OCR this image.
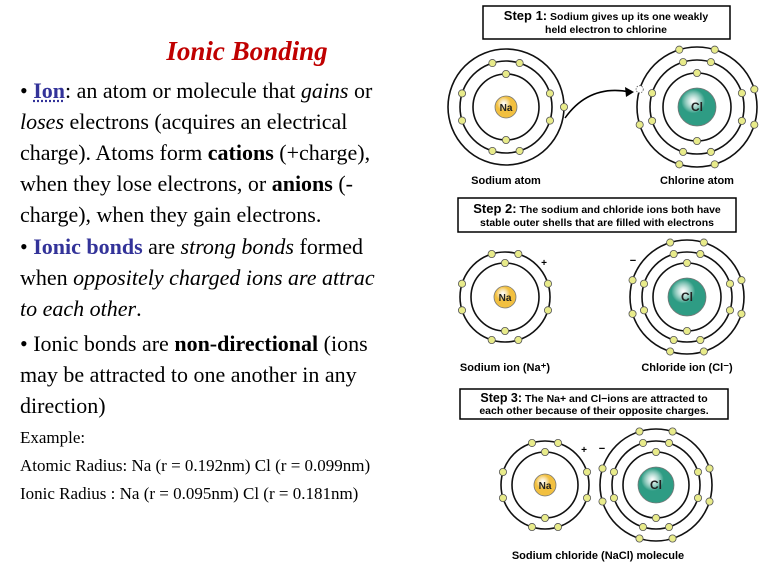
Ionic Bonding
• Ion: an atom or molecule that gains or
loses electrons (acquires an electrical
charge). Atoms form cations (+charge),
when they lose electrons, or anions (-
charge), when they gain electrons.
• Ionic bonds are strong bonds formed
when oppositely charged ions are attrac
to each other.
• Ionic bonds are non-directional (ions
may be attracted to one another in any
direction)
Example:
Atomic Radius: Na (r = 0.192nm) Cl (r = 0.099nm)
Ionic Radius : Na (r = 0.095nm) Cl (r = 0.181nm)
Na	Cl
Na	Cl
Na	Cl
Step 1: Sodium gives up its one weakly
held electron to chlorine
Sodium atom	Chlorine atom
Step 2: The sodium and chloride ions both have
stable outer shells that are filled with electrons
Sodium ion (Na⁺)	Chloride ion (Cl⁻)
+	−
Step 3: The Na+ and Cl−ions are attracted to
each other because of their opposite charges.
Sodium chloride (NaCl) molecule
+ −
